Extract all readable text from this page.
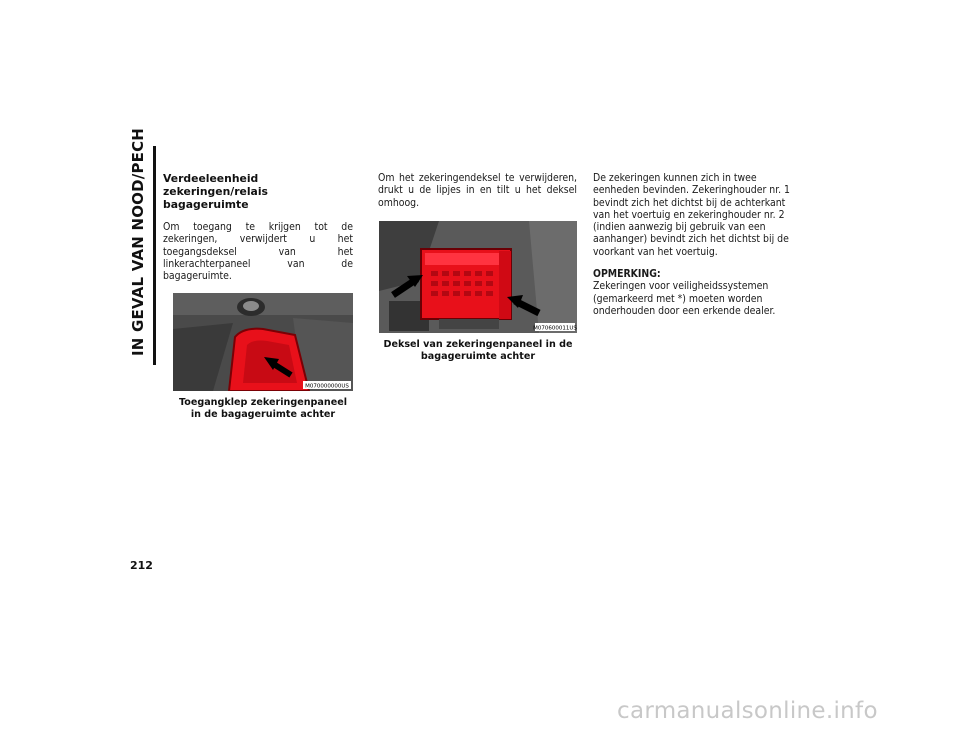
IN GEVAL VAN NOOD/PECH	Verdeeleenheid zekeringen/relais bagageruimte

Om toegang te krijgen tot de zekeringen, verwijdert u het toegangsdeksel van het linkerachterpaneel van de bagageruimte.

M070000000US
Toegangklep zekeringenpaneel in de bagageruimte achter

Om het zekeringendeksel te verwijderen, drukt u de lipjes in en tilt u het deksel omhoog.

M070600011US
Deksel van zekeringenpaneel in de bagageruimte achter

De zekeringen kunnen zich in twee eenheden bevinden. Zekeringhouder nr. 1 bevindt zich het dichtst bij de achterkant van het voertuig en zekeringhouder nr. 2 (indien aanwezig bij gebruik van een aanhanger) bevindt zich het dichtst bij de voorkant van het voertuig.

OPMERKING:

Zekeringen voor veiligheidssystemen (gemarkeerd met *) moeten worden onderhouden door een erkende dealer.

212
carmanualsonline.info
